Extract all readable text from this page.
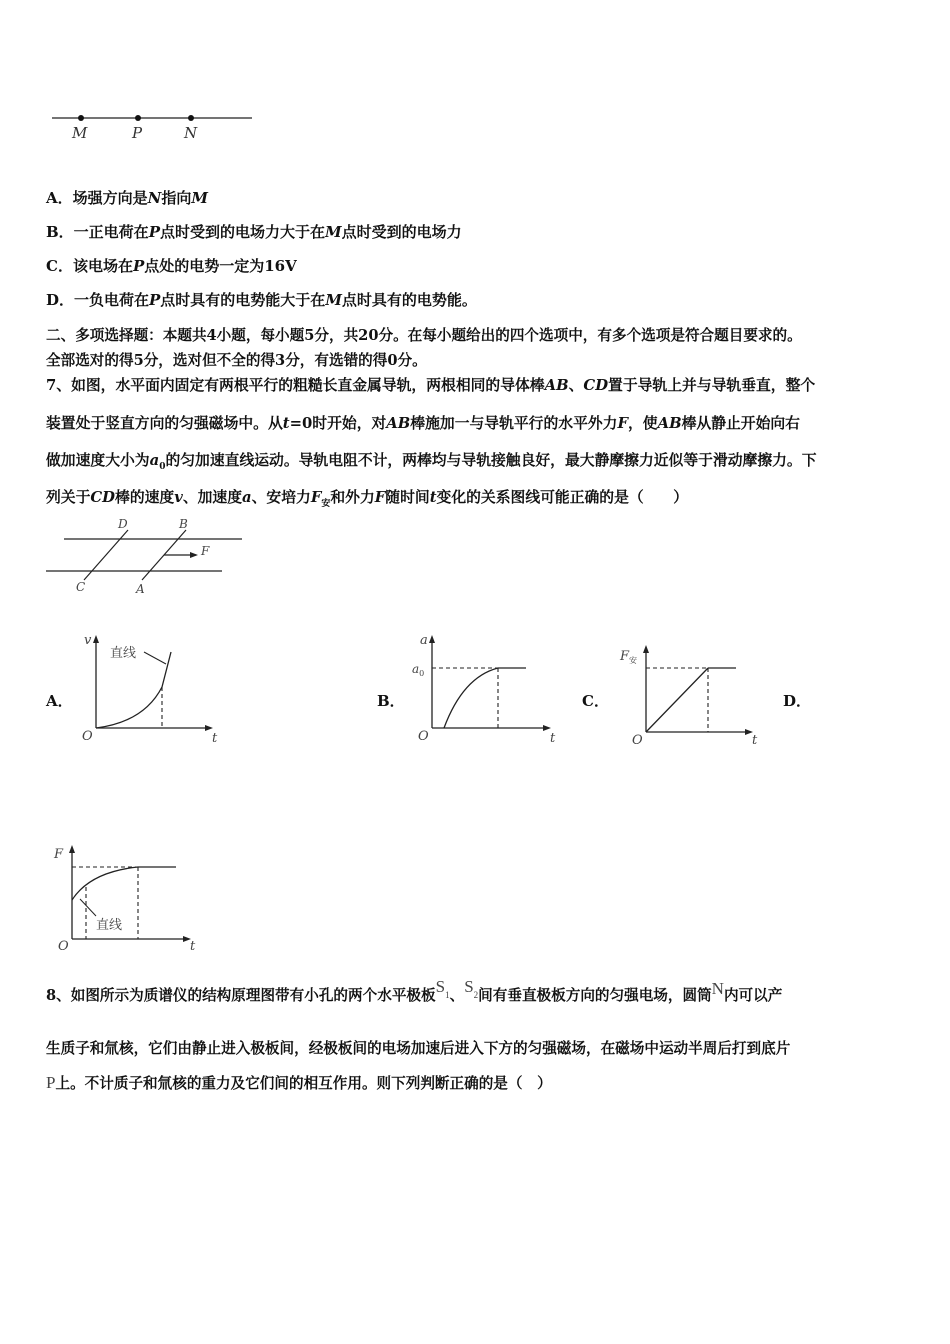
M	P	N
A．场强方向是N指向M
B．一正电荷在P点时受到的电场力大于在M点时受到的电场力
C．该电场在P点处的电势一定为16V
D．一负电荷在P点时具有的电势能大于在M点时具有的电势能。
二、多项选择题：本题共4小题，每小题5分，共20分。在每小题给出的四个选项中，有多个选项是符合题目要求的。
全部选对的得5分，选对但不全的得3分，有选错的得0分。
7、如图，水平面内固定有两根平行的粗糙长直金属导轨，两根相同的导体棒AB、CD置于导轨上并与导轨垂直，整个
装置处于竖直方向的匀强磁场中。从t=0时开始，对AB棒施加一与导轨平行的水平外力F，使AB棒从静止开始向右
做加速度大小为$a_0$的匀加速直线运动。导轨电阻不计，两棒均与导轨接触良好，最大静摩擦力近似等于滑动摩擦力。下
列关于CD棒的速度v、加速度a、安培力$F_安$和外力F随时间t变化的关系图线可能正确的是（　　）
D	B
F
C	A
A．	B．	C．	D．
v
t
O
直线
a
$a_0$
t
O
$F_安$
t
O
F
t
O
直线
8、如图所示为质谱仪的结构原理图带有小孔的两个水平极板$S_1$、$S_2$间有垂直极板方向的匀强电场，圆筒N内可以产
生质子和氚核，它们由静止进入极板间，经极板间的电场加速后进入下方的匀强磁场，在磁场中运动半周后打到底片
P上。不计质子和氚核的重力及它们间的相互作用。则下列判断正确的是（　）
